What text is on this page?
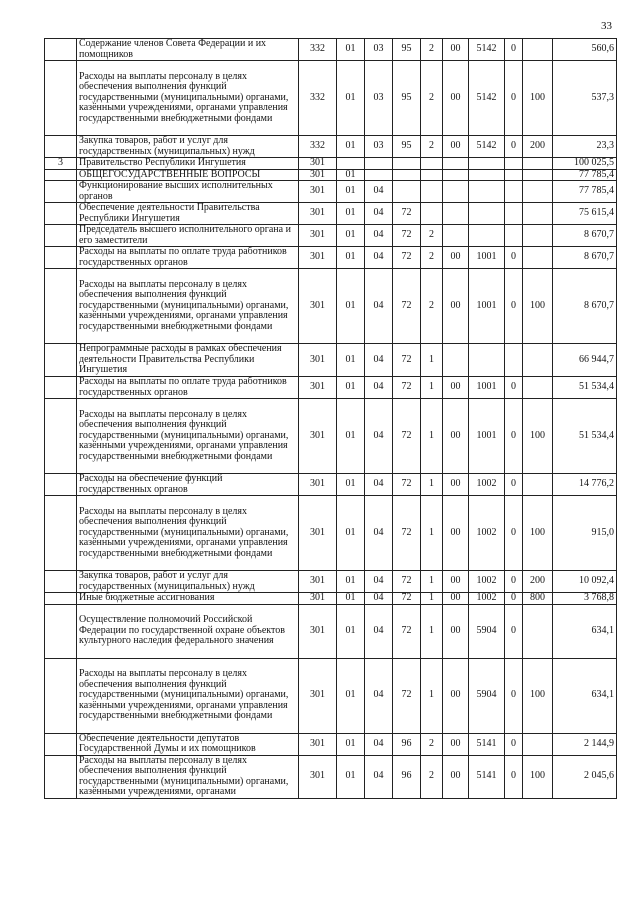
33
	Содержание членов Совета Федерации и их помощников	332	01	03	95	2	00	5142	0		560,6
	Расходы на выплаты персоналу в целях обеспечения выполнения функций государственными (муниципальными) органами, казёнными учреждениями, органами управления государственными внебюджетными фондами	332	01	03	95	2	00	5142	0	100	537,3
	Закупка товаров, работ и услуг для государственных (муниципальных) нужд	332	01	03	95	2	00	5142	0	200	23,3
3	Правительство Республики Ингушетия	301									100 025,5
	ОБЩЕГОСУДАРСТВЕННЫЕ ВОПРОСЫ	301	01								77 785,4
	Функционирование высших исполнительных органов	301	01	04							77 785,4
	Обеспечение деятельности Правительства Республики Ингушетия	301	01	04	72						75 615,4
	Председатель высшего исполнительного органа и его заместители	301	01	04	72	2					8 670,7
	Расходы на выплаты по оплате труда работников государственных органов	301	01	04	72	2	00	1001	0		8 670,7
	Расходы на выплаты персоналу в целях обеспечения выполнения функций государственными (муниципальными) органами, казёнными учреждениями, органами управления государственными внебюджетными фондами	301	01	04	72	2	00	1001	0	100	8 670,7
	Непрограммные расходы в рамках обеспечения деятельности Правительства Республики Ингушетия	301	01	04	72	1					66 944,7
	Расходы на выплаты по оплате труда работников государственных органов	301	01	04	72	1	00	1001	0		51 534,4
	Расходы на выплаты персоналу в целях обеспечения выполнения функций государственными (муниципальными) органами, казёнными учреждениями, органами управления государственными внебюджетными фондами	301	01	04	72	1	00	1001	0	100	51 534,4
	Расходы на обеспечение функций государственных органов	301	01	04	72	1	00	1002	0		14 776,2
	Расходы на выплаты персоналу в целях обеспечения выполнения функций государственными (муниципальными) органами, казёнными учреждениями, органами управления государственными внебюджетными фондами	301	01	04	72	1	00	1002	0	100	915,0
	Закупка товаров, работ и услуг для государственных (муниципальных) нужд	301	01	04	72	1	00	1002	0	200	10 092,4
	Иные бюджетные ассигнования	301	01	04	72	1	00	1002	0	800	3 768,8
	Осуществление полномочий Российской Федерации по государственной охране объектов культурного наследия федерального значения	301	01	04	72	1	00	5904	0		634,1
	Расходы на выплаты персоналу в целях обеспечения выполнения функций государственными (муниципальными) органами, казёнными учреждениями, органами управления государственными внебюджетными фондами	301	01	04	72	1	00	5904	0	100	634,1
	Обеспечение деятельности депутатов Государственной Думы и их помощников	301	01	04	96	2	00	5141	0		2 144,9
	Расходы на выплаты персоналу в целях обеспечения выполнения функций государственными (муниципальными) органами, казёнными учреждениями, органами	301	01	04	96	2	00	5141	0	100	2 045,6
